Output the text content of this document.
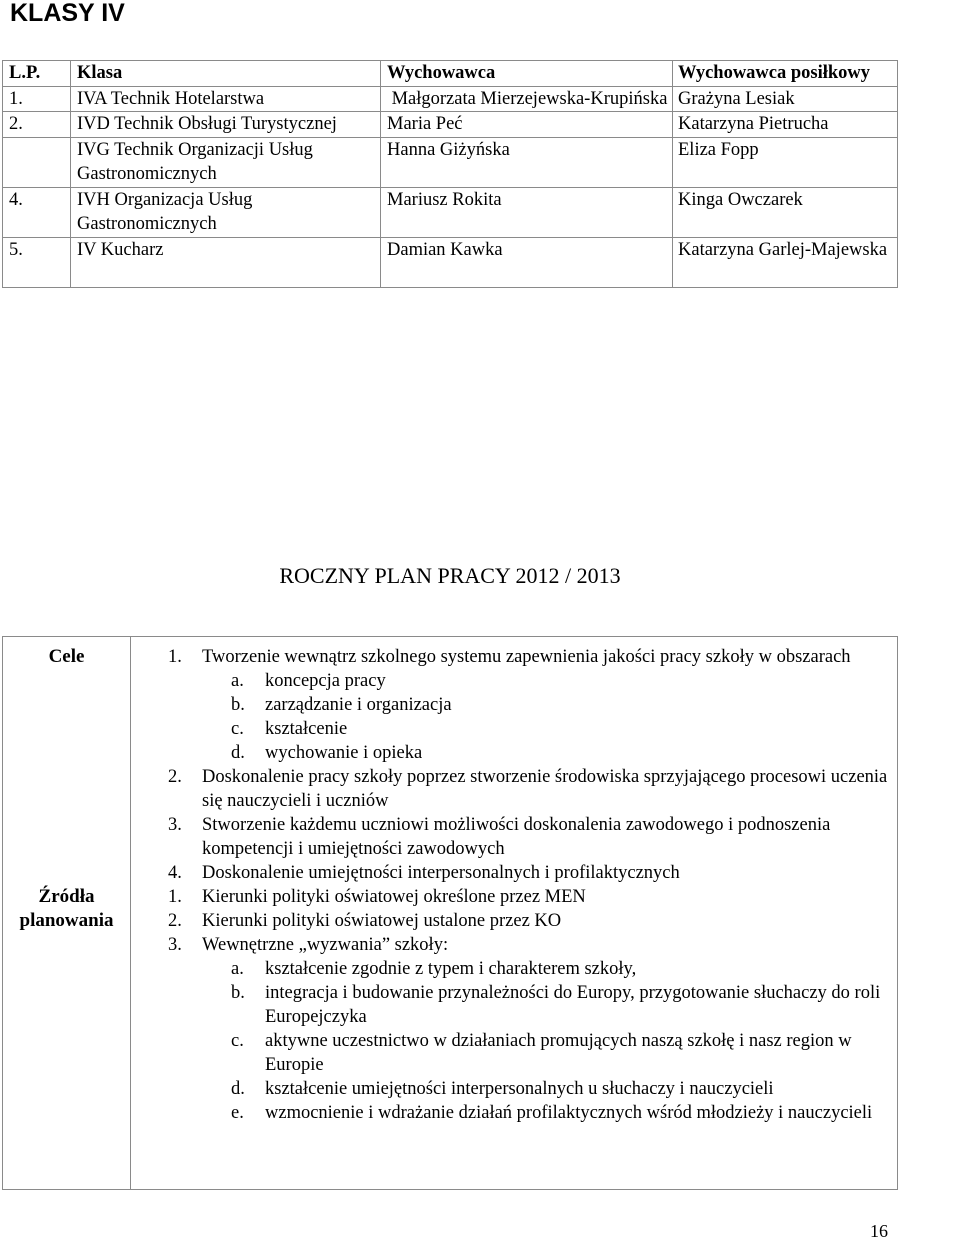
KLASY IV
L.P.	Klasa	Wychowawca	Wychowawca posiłkowy
1.	IVA Technik Hotelarstwa	Małgorzata Mierzejewska-Krupińska	Grażyna Lesiak
2.	IVD Technik Obsługi Turystycznej	Maria Peć	Katarzyna Pietrucha
	IVG Technik Organizacji Usług Gastronomicznych	Hanna Giżyńska	Eliza Fopp
4.	IVH Organizacja Usług Gastronomicznych	Mariusz Rokita	Kinga Owczarek
5.	IV Kucharz	Damian Kawka	Katarzyna Garlej-Majewska
ROCZNY PLAN PRACY 2012 / 2013
Cele
Źródła planowania
1. Tworzenie wewnątrz szkolnego systemu zapewnienia jakości pracy szkoły w obszarach
a. koncepcja pracy
b. zarządzanie i organizacja
c. kształcenie
d. wychowanie i opieka
2. Doskonalenie pracy szkoły poprzez stworzenie środowiska sprzyjającego procesowi uczenia się nauczycieli i uczniów
3. Stworzenie każdemu uczniowi możliwości doskonalenia zawodowego i podnoszenia kompetencji i umiejętności zawodowych
4. Doskonalenie umiejętności interpersonalnych i profilaktycznych
1. Kierunki polityki oświatowej określone przez MEN
2. Kierunki polityki oświatowej ustalone przez KO
3. Wewnętrzne „wyzwania” szkoły:
a. kształcenie zgodnie z typem i charakterem szkoły,
b. integracja i budowanie przynależności do Europy, przygotowanie słuchaczy do roli Europejczyka
c. aktywne uczestnictwo w działaniach promujących naszą szkołę i nasz region w Europie
d. kształcenie umiejętności interpersonalnych u słuchaczy i nauczycieli
e. wzmocnienie i wdrażanie działań profilaktycznych wśród młodzieży i nauczycieli
16
